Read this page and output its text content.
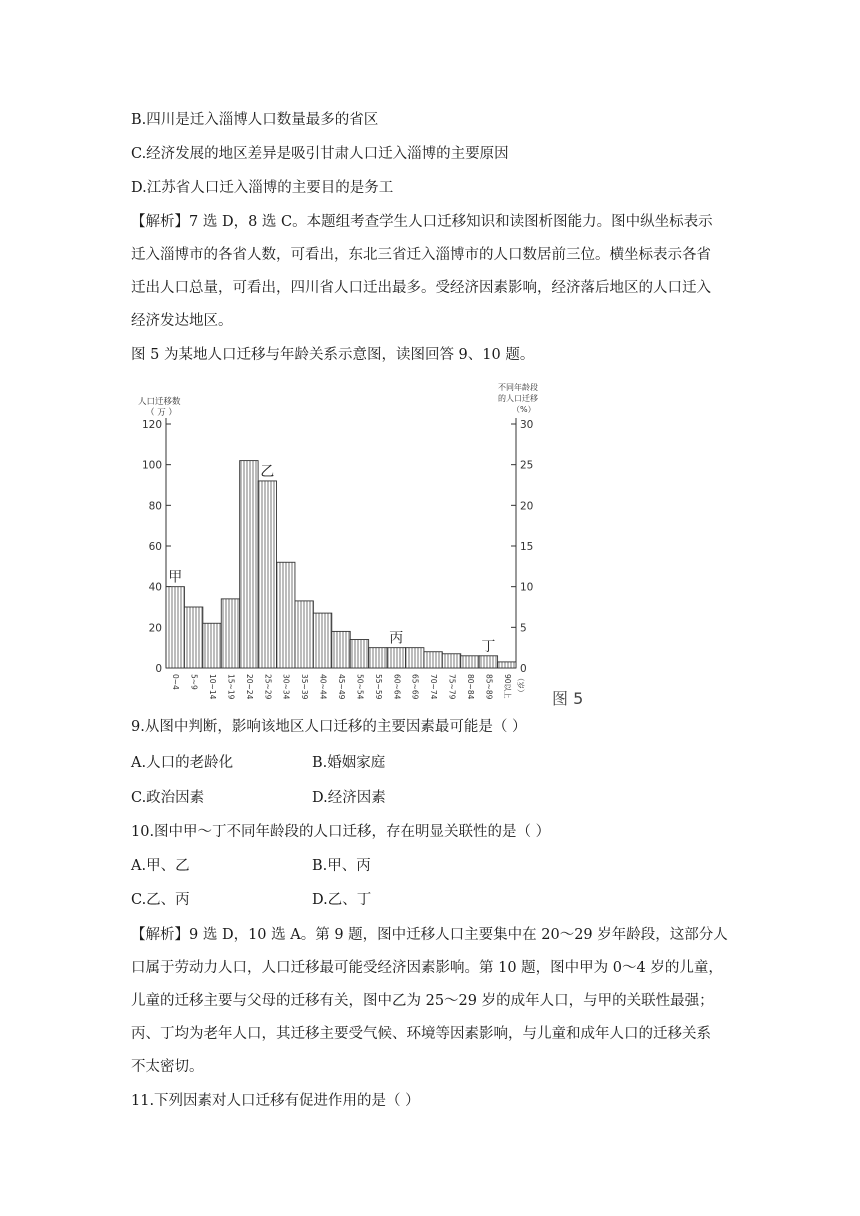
B.四川是迁入淄博人口数量最多的省区
C.经济发展的地区差异是吸引甘肃人口迁入淄博的主要原因
D.江苏省人口迁入淄博的主要目的是务工
【解析】7 选 D，8 选 C。本题组考查学生人口迁移知识和读图析图能力。图中纵坐标表示
迁入淄博市的各省人数，可看出，东北三省迁入淄博市的人口数居前三位。横坐标表示各省
迁出人口总量，可看出，四川省人口迁出最多。受经济因素影响，经济落后地区的人口迁入
经济发达地区。
图 5 为某地人口迁移与年龄关系示意图，读图回答 9、10 题。
人口迁移数
（ 万 ）
不同年龄段
的人口迁移
（%）
120
100
80
60
40
20
0
30
25
20
15
10
5
0
0~4 5~9 10~14 15~19 20~24 25~29 30~34 35~39 40~44 45~49 50~54 55~59 60~64 65~69 70~74 75~79 80~84 85~89 90以上 （岁）
甲
乙
丙
丁
图 5
9.从图中判断，影响该地区人口迁移的主要因素最可能是（ ）
A.人口的老龄化	B.婚姻家庭
C.政治因素	D.经济因素
10.图中甲～丁不同年龄段的人口迁移，存在明显关联性的是（ ）
A.甲、乙	B.甲、丙
C.乙、丙	D.乙、丁
【解析】9 选 D，10 选 A。第 9 题，图中迁移人口主要集中在 20～29 岁年龄段，这部分人
口属于劳动力人口，人口迁移最可能受经济因素影响。第 10 题，图中甲为 0～4 岁的儿童，
儿童的迁移主要与父母的迁移有关，图中乙为 25～29 岁的成年人口，与甲的关联性最强；
丙、丁均为老年人口，其迁移主要受气候、环境等因素影响，与儿童和成年人口的迁移关系
不太密切。
11.下列因素对人口迁移有促进作用的是（ ）
